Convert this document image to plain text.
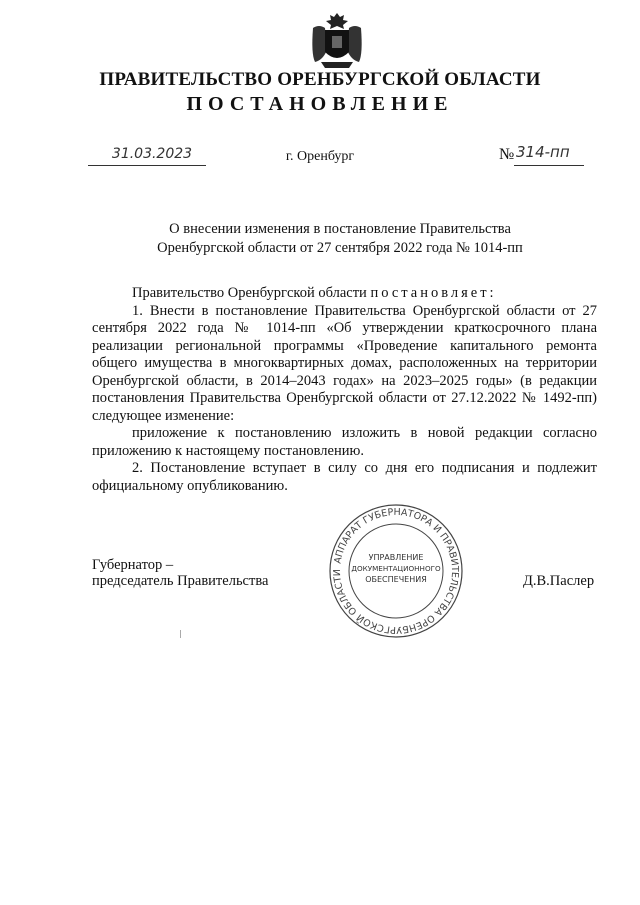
ПРАВИТЕЛЬСТВО ОРЕНБУРГСКОЙ ОБЛАСТИ
ПОСТАНОВЛЕНИЕ
31.03.2023	г. Оренбург	№ 314-пп
О внесении изменения в постановление Правительства
Оренбургской области от 27 сентября 2022 года № 1014-пп

Правительство Оренбургской области постановляет:

1. Внести в постановление Правительства Оренбургской области от 27 сентября 2022 года № 1014-пп «Об утверждении краткосрочного плана реализации региональной программы «Проведение капитального ремонта общего имущества в многоквартирных домах, расположенных на территории Оренбургской области, в 2014–2043 годах» на 2023–2025 годы» (в редакции постановления Правительства Оренбургской области от 27.12.2022 № 1492-пп) следующее изменение:

приложение к постановлению изложить в новой редакции согласно приложению к настоящему постановлению.

2. Постановление вступает в силу со дня его подписания и подлежит официальному опубликованию.

Губернатор –
председатель Правительства	Д.В.Паслер
АППАРАТ ГУБЕРНАТОРА И ПРАВИТЕЛЬСТВА ОРЕНБУРГСКОЙ ОБЛАСТИ
УПРАВЛЕНИЕ
ДОКУМЕНТАЦИОННОГО
ОБЕСПЕЧЕНИЯ
